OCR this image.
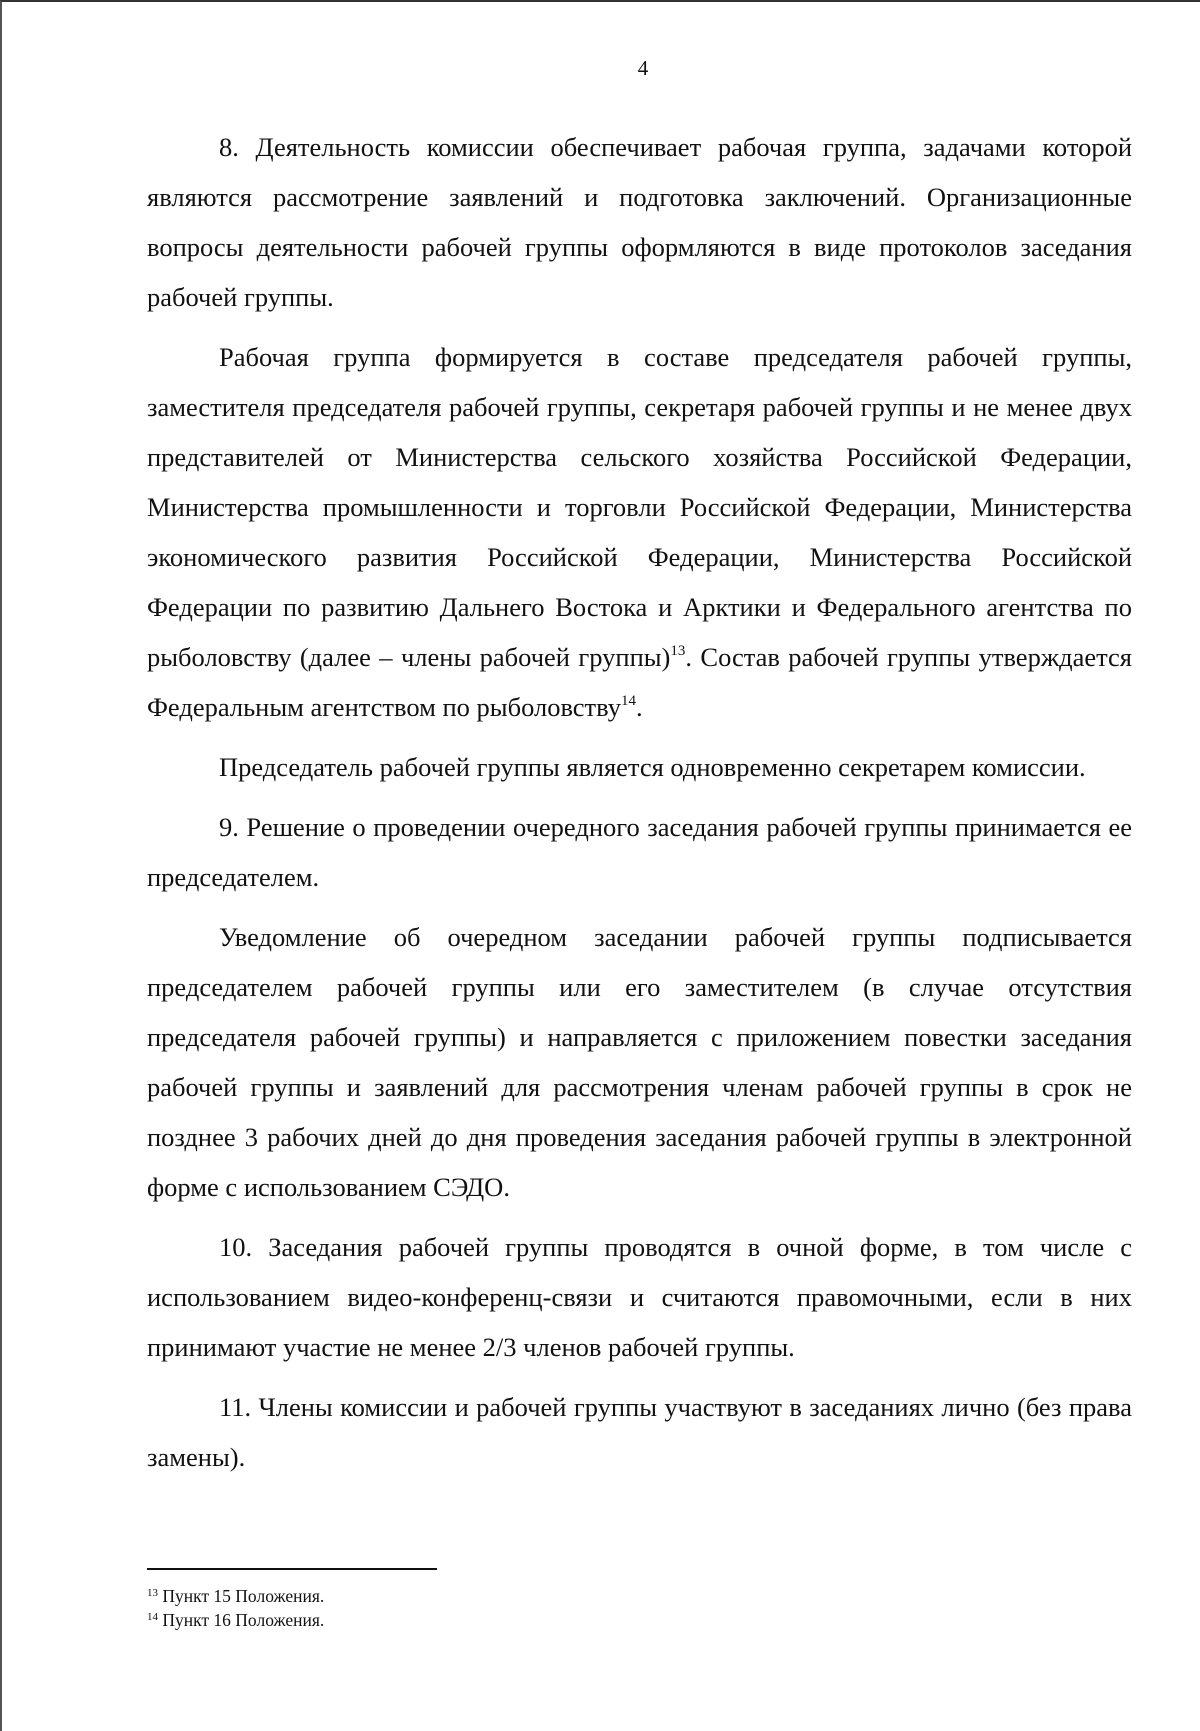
4

8. Деятельность комиссии обеспечивает рабочая группа, задачами которой являются рассмотрение заявлений и подготовка заключений. Организационные вопросы деятельности рабочей группы оформляются в виде протоколов заседания рабочей группы.

Рабочая группа формируется в составе председателя рабочей группы, заместителя председателя рабочей группы, секретаря рабочей группы и не менее двух представителей от Министерства сельского хозяйства Российской Федерации, Министерства промышленности и торговли Российской Федерации, Министерства экономического развития Российской Федерации, Министерства Российской Федерации по развитию Дальнего Востока и Арктики и Федерального агентства по рыболовству (далее – члены рабочей группы)$^{13}$. Состав рабочей группы утверждается Федеральным агентством по рыболовству$^{14}$.

Председатель рабочей группы является одновременно секретарем комиссии.

9. Решение о проведении очередного заседания рабочей группы принимается ее председателем.

Уведомление об очередном заседании рабочей группы подписывается председателем рабочей группы или его заместителем (в случае отсутствия председателя рабочей группы) и направляется с приложением повестки заседания рабочей группы и заявлений для рассмотрения членам рабочей группы в срок не позднее 3 рабочих дней до дня проведения заседания рабочей группы в электронной форме с использованием СЭДО.

10. Заседания рабочей группы проводятся в очной форме, в том числе с использованием видео-конференц-связи и считаются правомочными, если в них принимают участие не менее 2/3 членов рабочей группы.

11. Члены комиссии и рабочей группы участвуют в заседаниях лично (без права замены).

$^{13}$ Пункт 15 Положения.
$^{14}$ Пункт 16 Положения.
